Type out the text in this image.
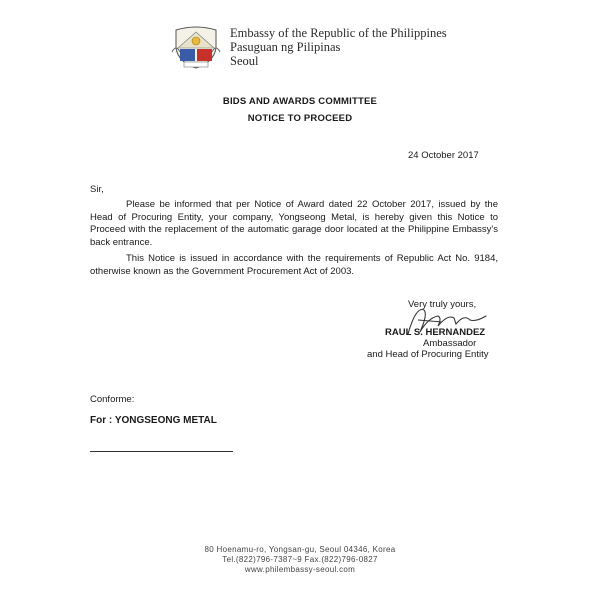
Embassy of the Republic of the Philippines
Pasuguan ng Pilipinas
Seoul
BIDS AND AWARDS COMMITTEE
NOTICE TO PROCEED
24 October 2017
Sir,
Please be informed that per Notice of Award dated 22 October 2017, issued by the Head of Procuring Entity, your company, Yongseong Metal, is hereby given this Notice to Proceed with the replacement of the automatic garage door located at the Philippine Embassy's back entrance.
This Notice is issued in accordance with the requirements of Republic Act No. 9184, otherwise known as the Government Procurement Act of 2003.
Very truly yours,
RAUL S. HERNANDEZ
Ambassador
and Head of Procuring Entity
Conforme:
For : YONGSEONG METAL
80 Hoenamu-ro, Yongsan-gu, Seoul 04346, Korea
Tel.(822)796-7387~9 Fax.(822)796-0827
www.philembassy-seoul.com
